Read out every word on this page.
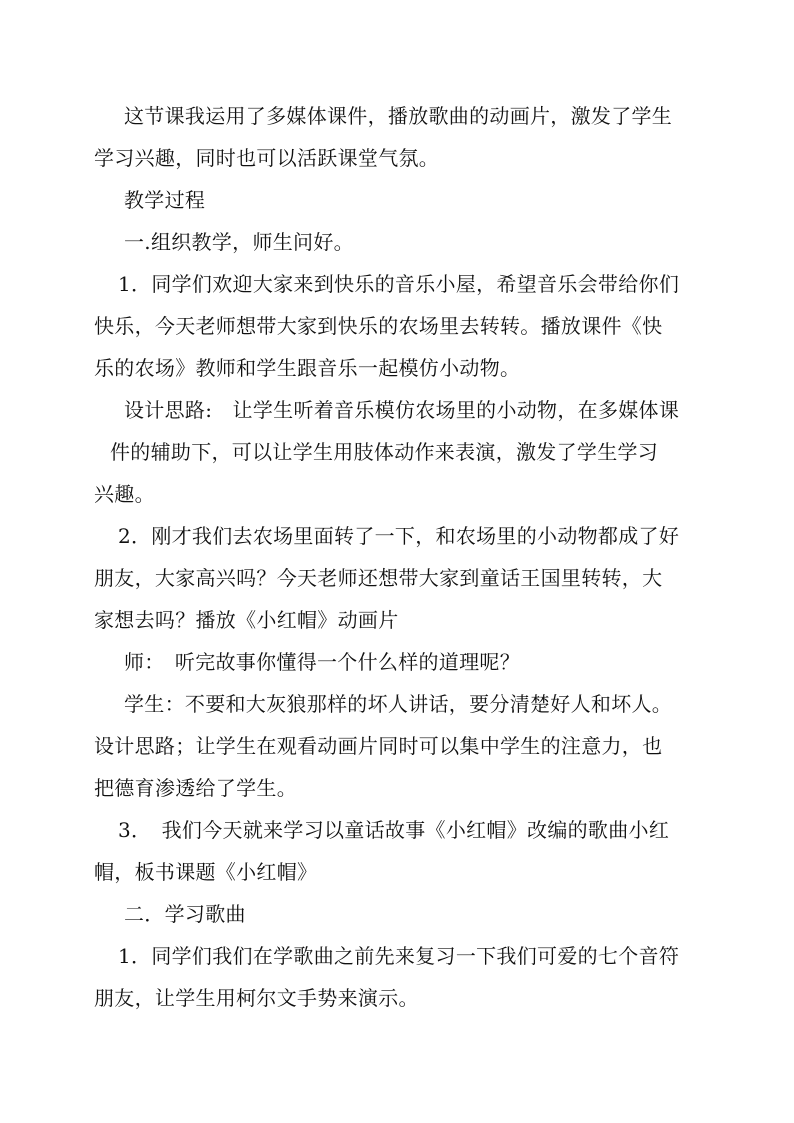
这节课我运用了多媒体课件，播放歌曲的动画片，激发了学生
学习兴趣，同时也可以活跃课堂气氛。
教学过程
一.组织教学，师生问好。
1．同学们欢迎大家来到快乐的音乐小屋，希望音乐会带给你们
快乐，今天老师想带大家到快乐的农场里去转转。播放课件《快
乐的农场》教师和学生跟音乐一起模仿小动物。
设计思路:　让学生听着音乐模仿农场里的小动物，在多媒体课
件的辅助下，可以让学生用肢体动作来表演，激发了学生学习
兴趣。
2．刚才我们去农场里面转了一下，和农场里的小动物都成了好
朋友，大家高兴吗？今天老师还想带大家到童话王国里转转，大
家想去吗？播放《小红帽》动画片
师：　听完故事你懂得一个什么样的道理呢？
学生：不要和大灰狼那样的坏人讲话，要分清楚好人和坏人。
设计思路；让学生在观看动画片同时可以集中学生的注意力，也
把德育渗透给了学生。
3．　我们今天就来学习以童话故事《小红帽》改编的歌曲小红
帽，板书课题《小红帽》
二．学习歌曲
1．同学们我们在学歌曲之前先来复习一下我们可爱的七个音符
朋友，让学生用柯尔文手势来演示。
